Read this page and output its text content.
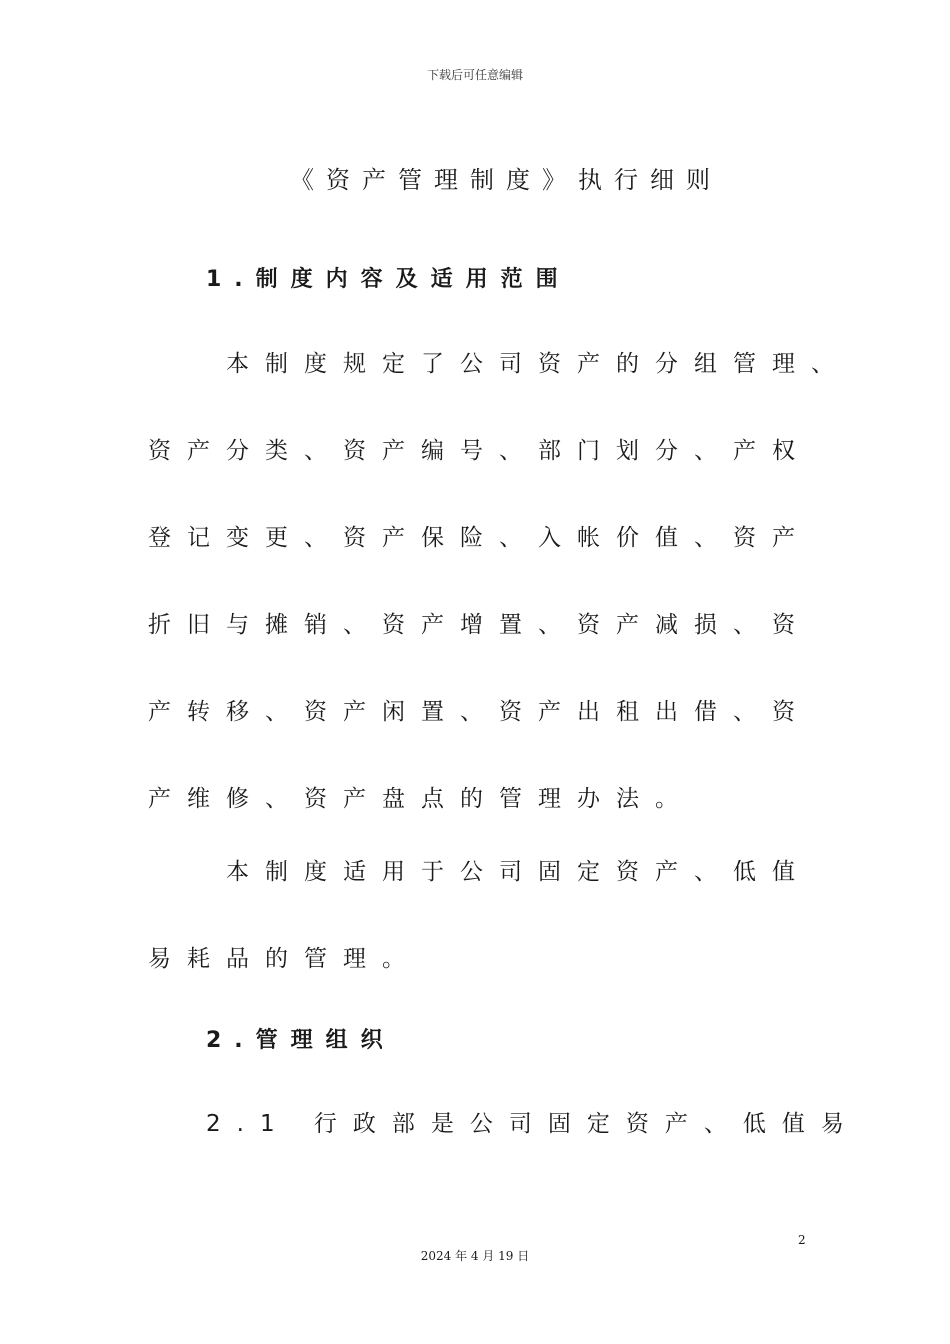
下载后可任意编辑
《资产管理制度》执行细则
1.制度内容及适用范围
本制度规定了公司资产的分组管理、
资产分类、资产编号、部门划分、产权
登记变更、资产保险、入帐价值、资产
折旧与摊销、资产增置、资产减损、资
产转移、资产闲置、资产出租出借、资
产维修、资产盘点的管理办法。
本制度适用于公司固定资产、低值
易耗品的管理。
2.管理组织
2.1 行政部是公司固定资产、低值易
2
2024 年 4 月 19 日
